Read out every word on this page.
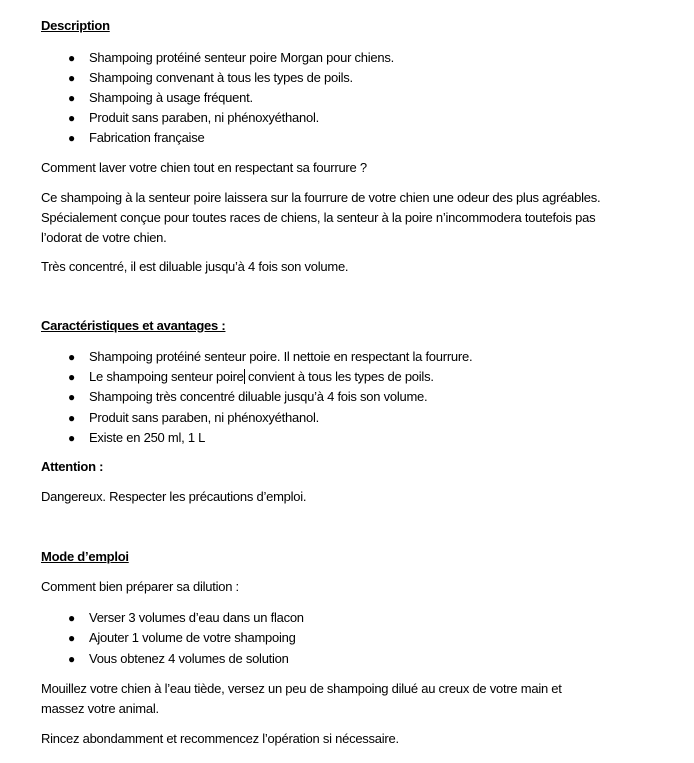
Description
● Shampoing protéiné senteur poire Morgan pour chiens.
● Shampoing convenant à tous les types de poils.
● Shampoing à usage fréquent.
● Produit sans paraben, ni phénoxyéthanol.
● Fabrication française
Comment laver votre chien tout en respectant sa fourrure ?
Ce shampoing à la senteur poire laissera sur la fourrure de votre chien une odeur des plus agréables.
Spécialement conçue pour toutes races de chiens, la senteur à la poire n’incommodera toutefois pas
l’odorat de votre chien.
Très concentré, il est diluable jusqu’à 4 fois son volume.
Caractéristiques et avantages :
● Shampoing protéiné senteur poire. Il nettoie en respectant la fourrure.
● Le shampoing senteur poire convient à tous les types de poils.
● Shampoing très concentré diluable jusqu’à 4 fois son volume.
● Produit sans paraben, ni phénoxyéthanol.
● Existe en 250 ml, 1 L
Attention :
Dangereux. Respecter les précautions d’emploi.
Mode d’emploi
Comment bien préparer sa dilution :
● Verser 3 volumes d’eau dans un flacon
● Ajouter 1 volume de votre shampoing
● Vous obtenez 4 volumes de solution
Mouillez votre chien à l’eau tiède, versez un peu de shampoing dilué au creux de votre main et
massez votre animal.
Rincez abondamment et recommencez l’opération si nécessaire.
